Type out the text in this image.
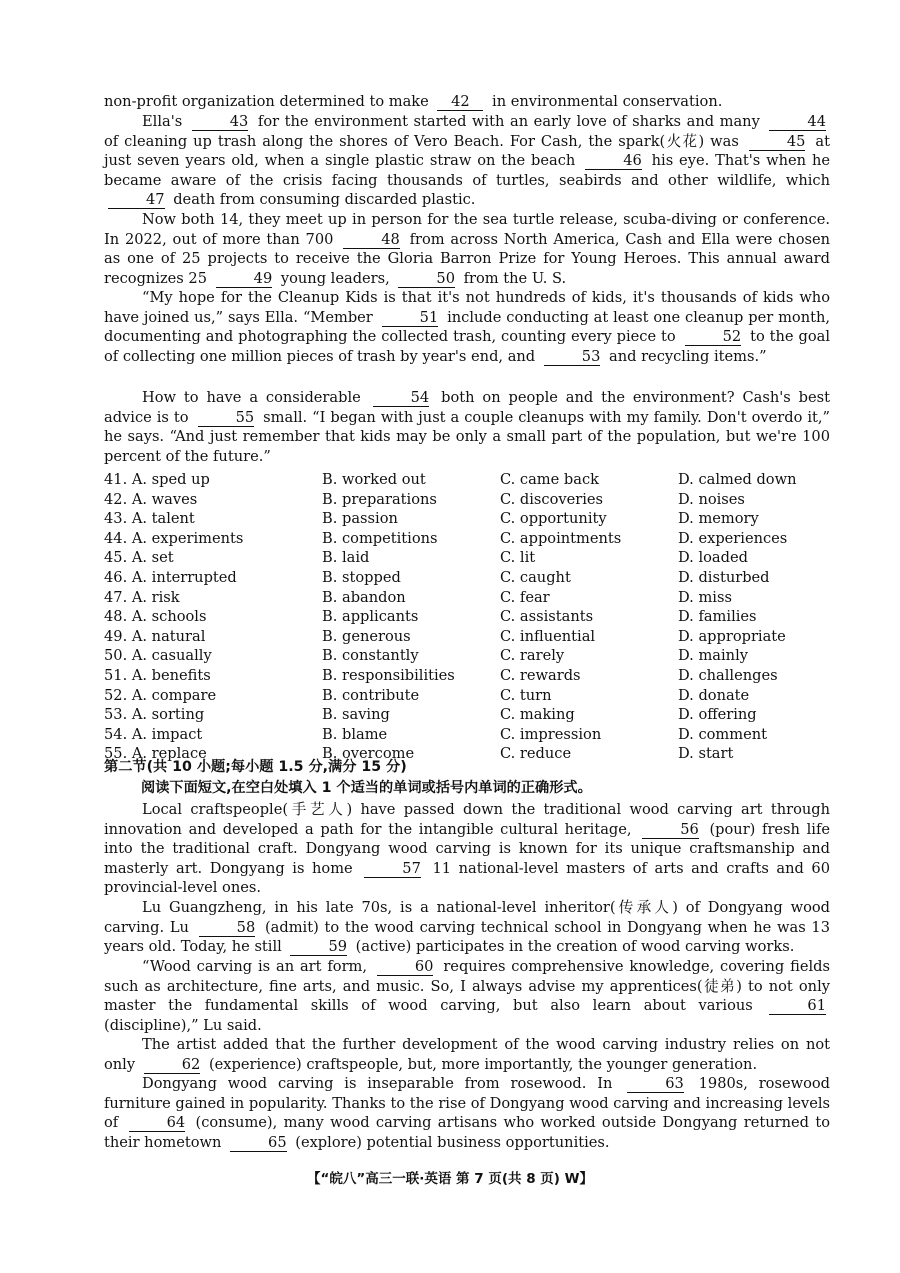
non-profit organization determined to make 42 in environmental conservation.

Ella's	43 for the environment started with an early love of sharks and many	44 of cleaning up trash along the shores of Vero Beach. For Cash, the spark(火花) was	45 at just seven years old, when a single plastic straw on the beach	46 his eye. That's when he became aware of the crisis facing thousands of turtles, seabirds and other wildlife, which 47 death from consuming discarded plastic.

Now both 14, they meet up in person for the sea turtle release, scuba-diving or conference. In 2022, out of more than 700	48 from across North America, Cash and Ella were chosen as one of 25 projects to receive the Gloria Barron Prize for Young Heroes. This annual award recognizes 25	49 young leaders,	50 from the U. S.

“My hope for the Cleanup Kids is that it's not hundreds of kids, it's thousands of kids who have joined us,” says Ella. “Member	51 include conducting at least one cleanup per month, documenting and photographing the collected trash, counting every piece to	52 to the goal of collecting one million pieces of trash by year's end, and	53 and recycling items.”

How to have a considerable	54 both on people and the environment? Cash's best advice is to	55 small. “I began with just a couple cleanups with my family. Don't overdo it,” he says. “And just remember that kids may be only a small part of the population, but we're 100 percent of the future.”

41. A. sped up	B. worked out	C. came back	D. calmed down
42. A. waves	B. preparations	C. discoveries	D. noises
43. A. talent	B. passion	C. opportunity	D. memory
44. A. experiments	B. competitions	C. appointments	D. experiences
45. A. set	B. laid	C. lit	D. loaded
46. A. interrupted	B. stopped	C. caught	D. disturbed
47. A. risk	B. abandon	C. fear	D. miss
48. A. schools	B. applicants	C. assistants	D. families
49. A. natural	B. generous	C. influential	D. appropriate
50. A. casually	B. constantly	C. rarely	D. mainly
51. A. benefits	B. responsibilities	C. rewards	D. challenges
52. A. compare	B. contribute	C. turn	D. donate
53. A. sorting	B. saving	C. making	D. offering
54. A. impact	B. blame	C. impression	D. comment
55. A. replace	B. overcome	C. reduce	D. start
第二节(共 10 小题;每小题 1.5 分,满分 15 分)
阅读下面短文,在空白处填入 1 个适当的单词或括号内单词的正确形式。

Local craftspeople(手艺人) have passed down the traditional wood carving art through innovation and developed a path for the intangible cultural heritage,	56 (pour) fresh life into the traditional craft. Dongyang wood carving is known for its unique craftsmanship and masterly art. Dongyang is home	57 11 national-level masters of arts and crafts and 60 provincial-level ones.

Lu Guangzheng, in his late 70s, is a national-level inheritor(传承人) of Dongyang wood carving. Lu	58 (admit) to the wood carving technical school in Dongyang when he was 13 years old. Today, he still	59 (active) participates in the creation of wood carving works.

“Wood carving is an art form,	60 requires comprehensive knowledge, covering fields such as architecture, fine arts, and music. So, I always advise my apprentices(徒弟) to not only master the fundamental skills of wood carving, but also learn about various	61 (discipline),” Lu said.

The artist added that the further development of the wood carving industry relies on not only	62 (experience) craftspeople, but, more importantly, the younger generation.

Dongyang wood carving is inseparable from rosewood. In	63 1980s, rosewood furniture gained in popularity. Thanks to the rise of Dongyang wood carving and increasing levels of	64 (consume), many wood carving artisans who worked outside Dongyang returned to their hometown	65 (explore) potential business opportunities.

【“皖八”高三一联·英语 第 7 页(共 8 页) W】
